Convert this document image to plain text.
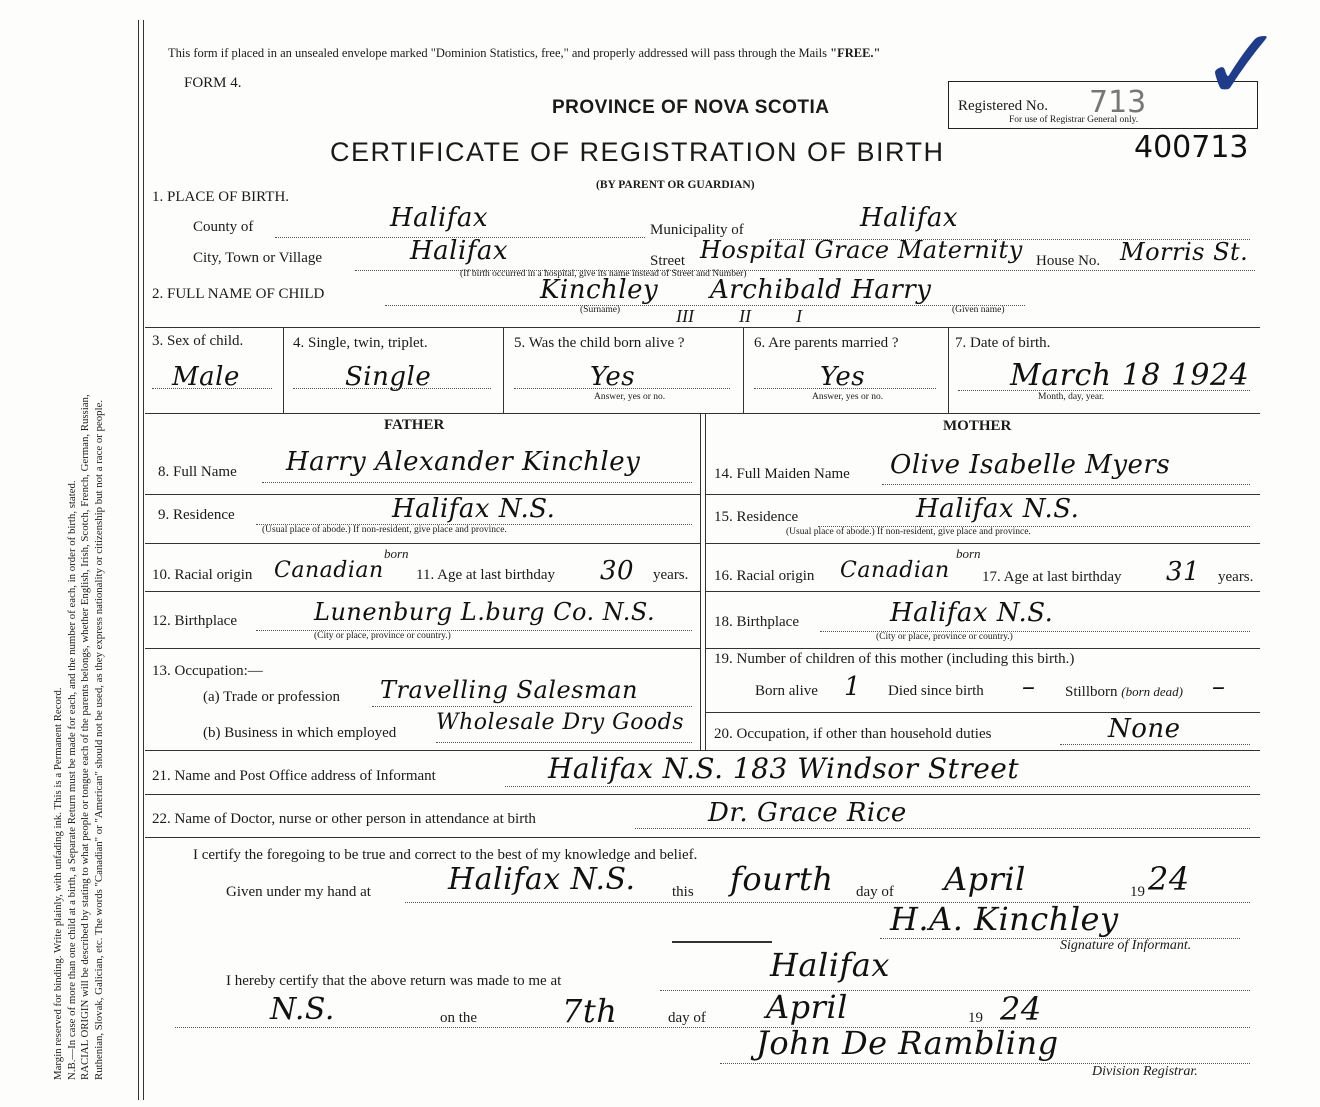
Margin reserved for binding. Write plainly, with unfading ink. This is a Permanent Record. N.B.—In case of more than one child at a birth, a Separate Return must be made for each, and the number of each, in order of birth, stated. RACIAL ORIGIN will be described by stating to what people or tongue each of the parents belongs, whether English, Irish, Scotch, French, German, Russian, Ruthenian, Slovak, Galician, etc. The words "Canadian" or "American" should not be used, as they express nationality or citizenship but not a race or people.
This form if placed in an unsealed envelope marked "Dominion Statistics, free," and properly addressed will pass through the Mails "FREE."
FORM 4.
PROVINCE OF NOVA SCOTIA
CERTIFICATE OF REGISTRATION OF BIRTH
(BY PARENT OR GUARDIAN)
Registered No. 713
For use of Registrar General only.
400713
✓
1. PLACE OF BIRTH.
County of	Halifax	Municipality of	Halifax
City, Town or Village	Halifax	Street Hospital Grace Maternity House No. Morris St.
(If birth occurred in a hospital, give its name instead of Street and Number)
2. FULL NAME OF CHILD	Kinchley Archibald Harry
(Surname)	(Given name)
III          II          I
3. Sex of child.
Male
4. Single, twin, triplet.
Single
5. Was the child born alive ?
Yes
Answer, yes or no.
6. Are parents married ?
Yes
Answer, yes or no.
7. Date of birth.
March 18 1924
Month, day, year.
FATHER	MOTHER
8. Full Name Harry Alexander Kinchley	14. Full Maiden Name Olive Isabelle Myers
9. Residence	Halifax N.S.
(Usual place of abode.) If non-resident, give place and province.
15. Residence	Halifax N.S.
(Usual place of abode.) If non-resident, give place and province.
10. Racial origin Canadian
born
11. Age at last birthday 30 years. 16. Racial origin Canadian
born
17. Age at last birthday 31 years.
12. Birthplace	Lunenburg L.burg Co. N.S.
(City or place, province or country.)
18. Birthplace	Halifax N.S.
(City or place, province or country.)
13. Occupation:—
(a) Trade or profession Travelling Salesman
(b) Business in which employed Wholesale Dry Goods
19. Number of children of this mother (including this birth.)
Born alive 1 Died since birth – Stillborn (born dead) –
20. Occupation, if other than household duties	None
21. Name and Post Office address of Informant	Halifax N.S. 183 Windsor Street
22. Name of Doctor, nurse or other person in attendance at birth	Dr. Grace Rice
I certify the foregoing to be true and correct to the best of my knowledge and belief.
Given under my hand at	Halifax N.S. this fourth day of April	19 24
H.A. Kinchley
Signature of Informant.
I hereby certify that the above return was made to me at	Halifax
N.S.	on the	7th	day of April	19 24
John De Rambling
Division Registrar.
